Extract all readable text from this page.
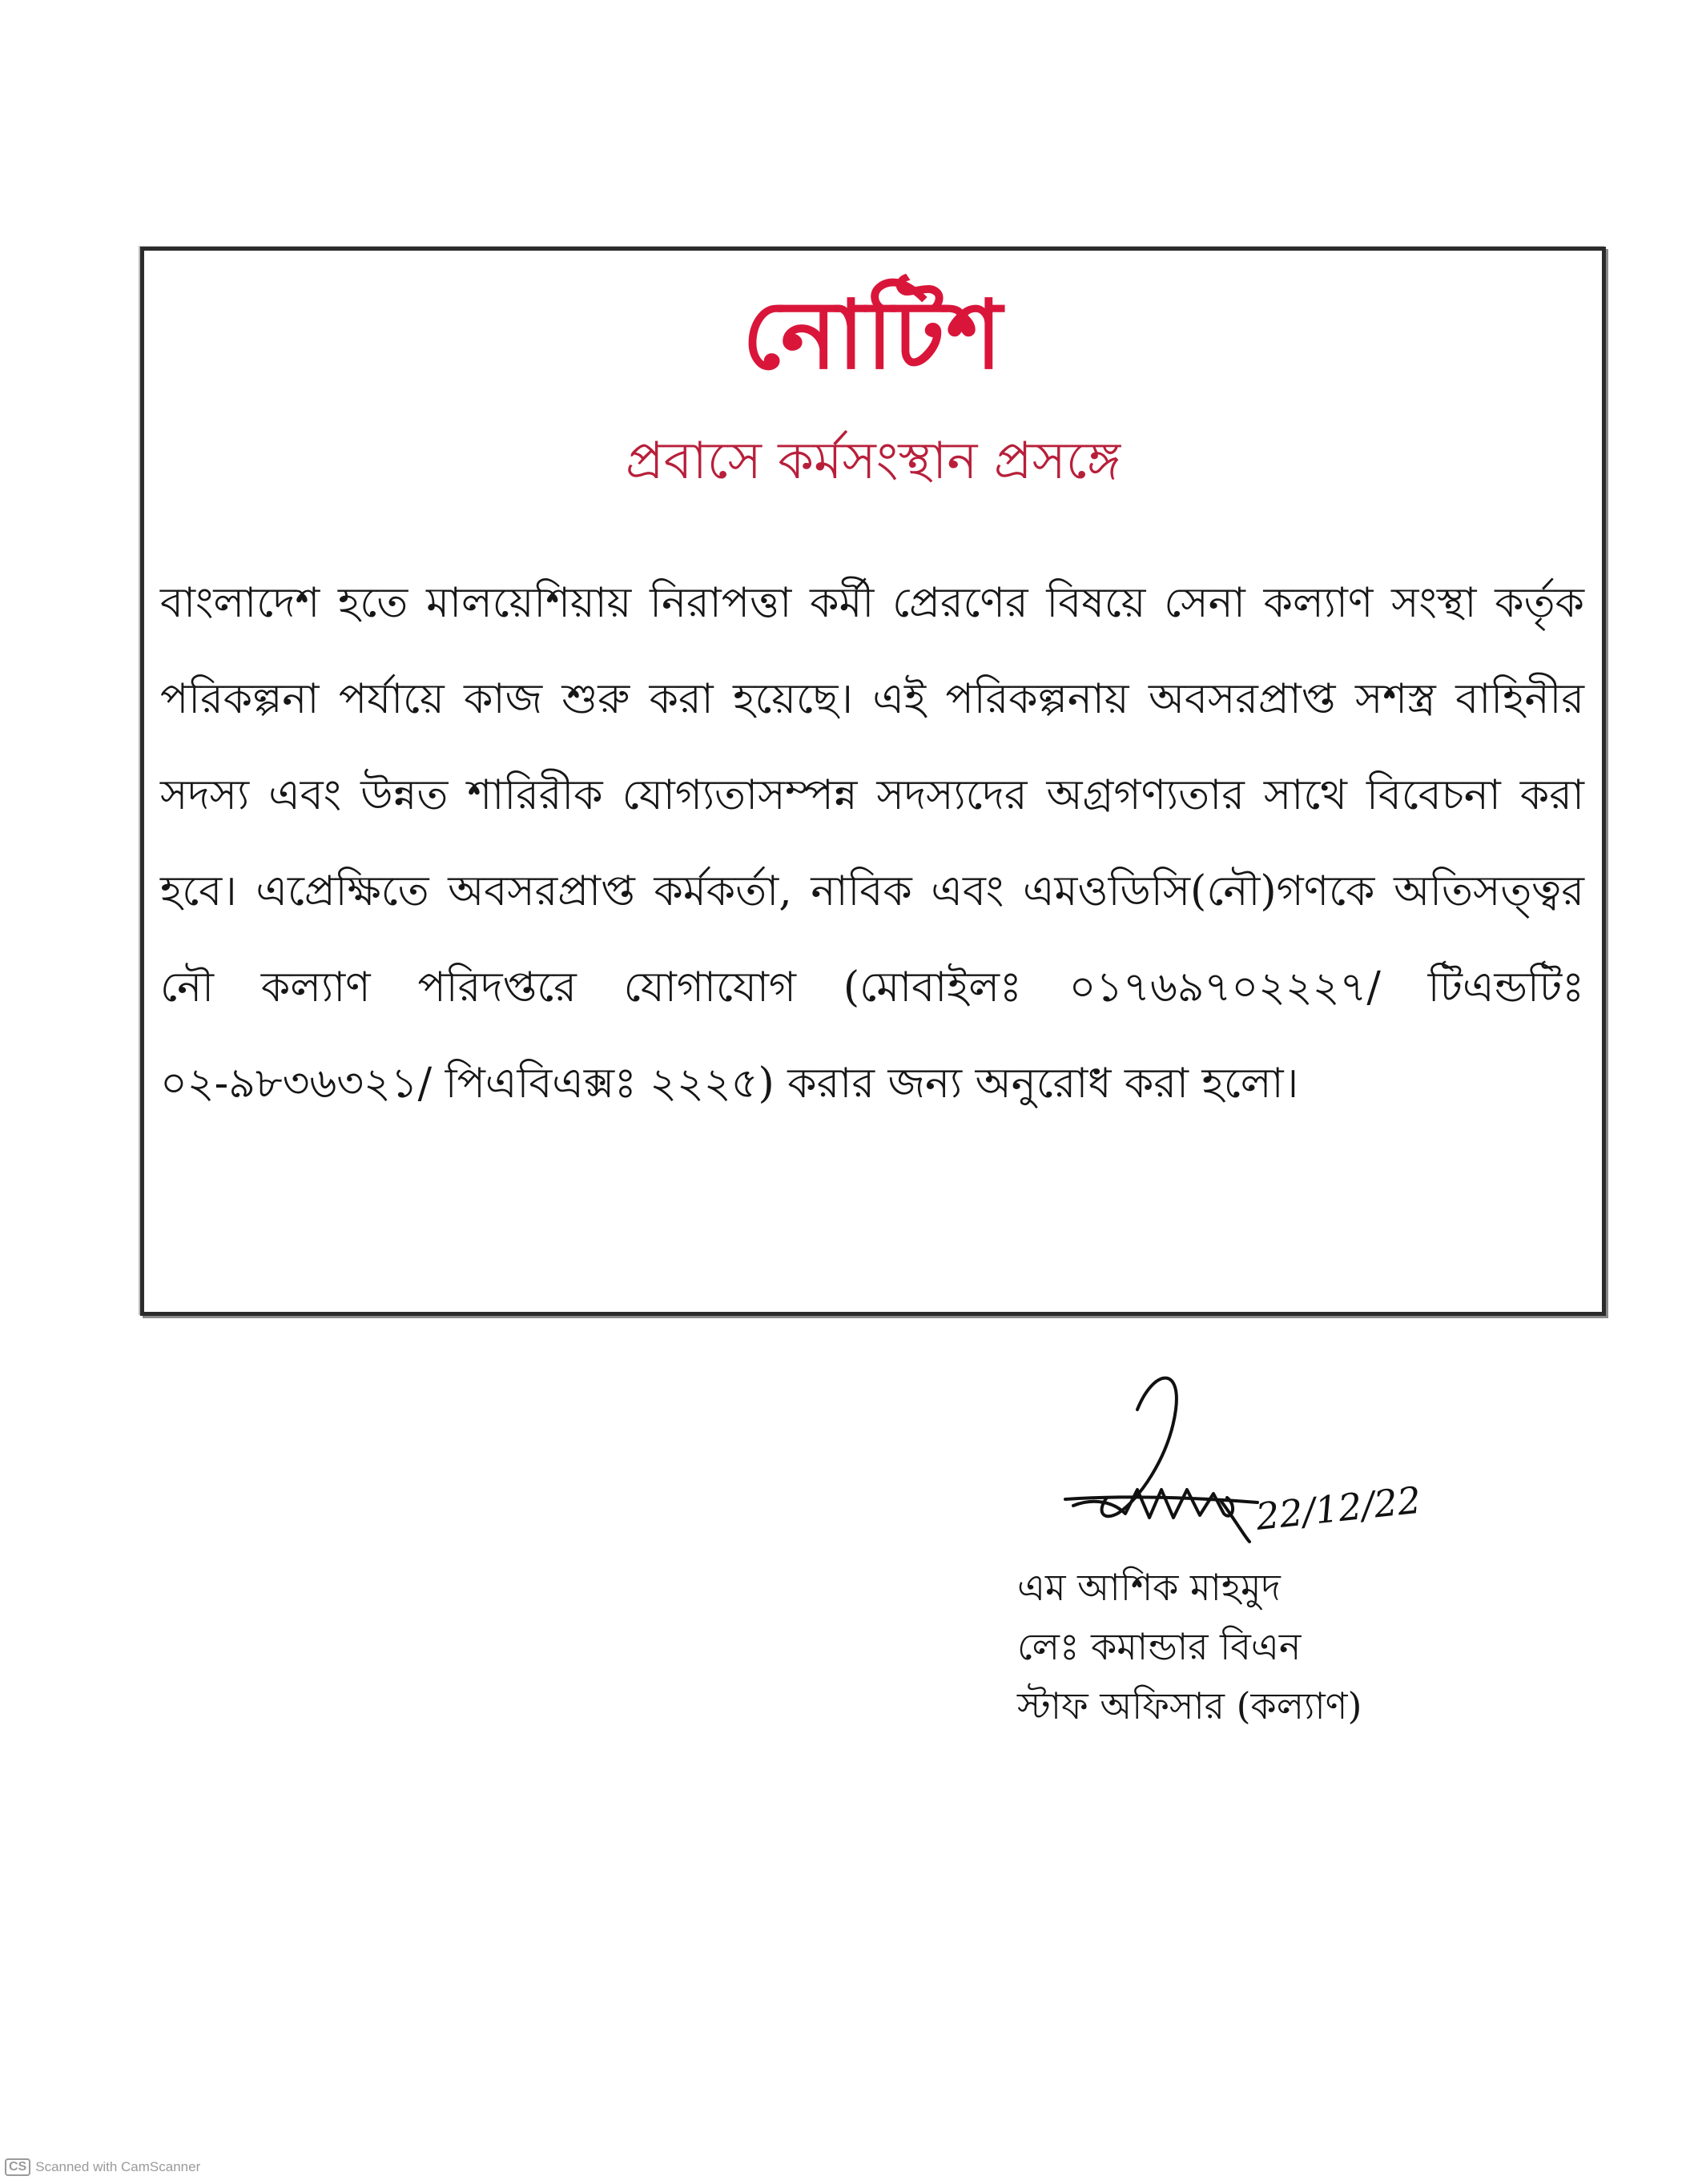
নোটিশ
প্রবাসে কর্মসংস্থান প্রসঙ্গে
বাংলাদেশ হতে মালয়েশিয়ায় নিরাপত্তা কর্মী প্রেরণের বিষয়ে সেনা কল্যাণ সংস্থা কর্তৃক পরিকল্পনা পর্যায়ে কাজ শুরু করা হয়েছে। এই পরিকল্পনায় অবসরপ্রাপ্ত সশস্ত্র বাহিনীর সদস্য এবং উন্নত শারিরীক যোগ্যতাসম্পন্ন সদস্যদের অগ্রগণ্যতার সাথে বিবেচনা করা হবে। এপ্রেক্ষিতে অবসরপ্রাপ্ত কর্মকর্তা, নাবিক এবং এমওডিসি(নৌ)গণকে অতিসত্ত্বর নৌ কল্যাণ পরিদপ্তরে যোগাযোগ (মোবাইলঃ ০১৭৬৯৭০২২২৭/ টিএন্ডটিঃ ০২-৯৮৩৬৩২১/ পিএবিএক্সঃ ২২২৫) করার জন্য অনুরোধ করা হলো।
22/12/22
এম আশিক মাহমুদ
লেঃ কমান্ডার বিএন
স্টাফ অফিসার (কল্যাণ)
CS Scanned with CamScanner
